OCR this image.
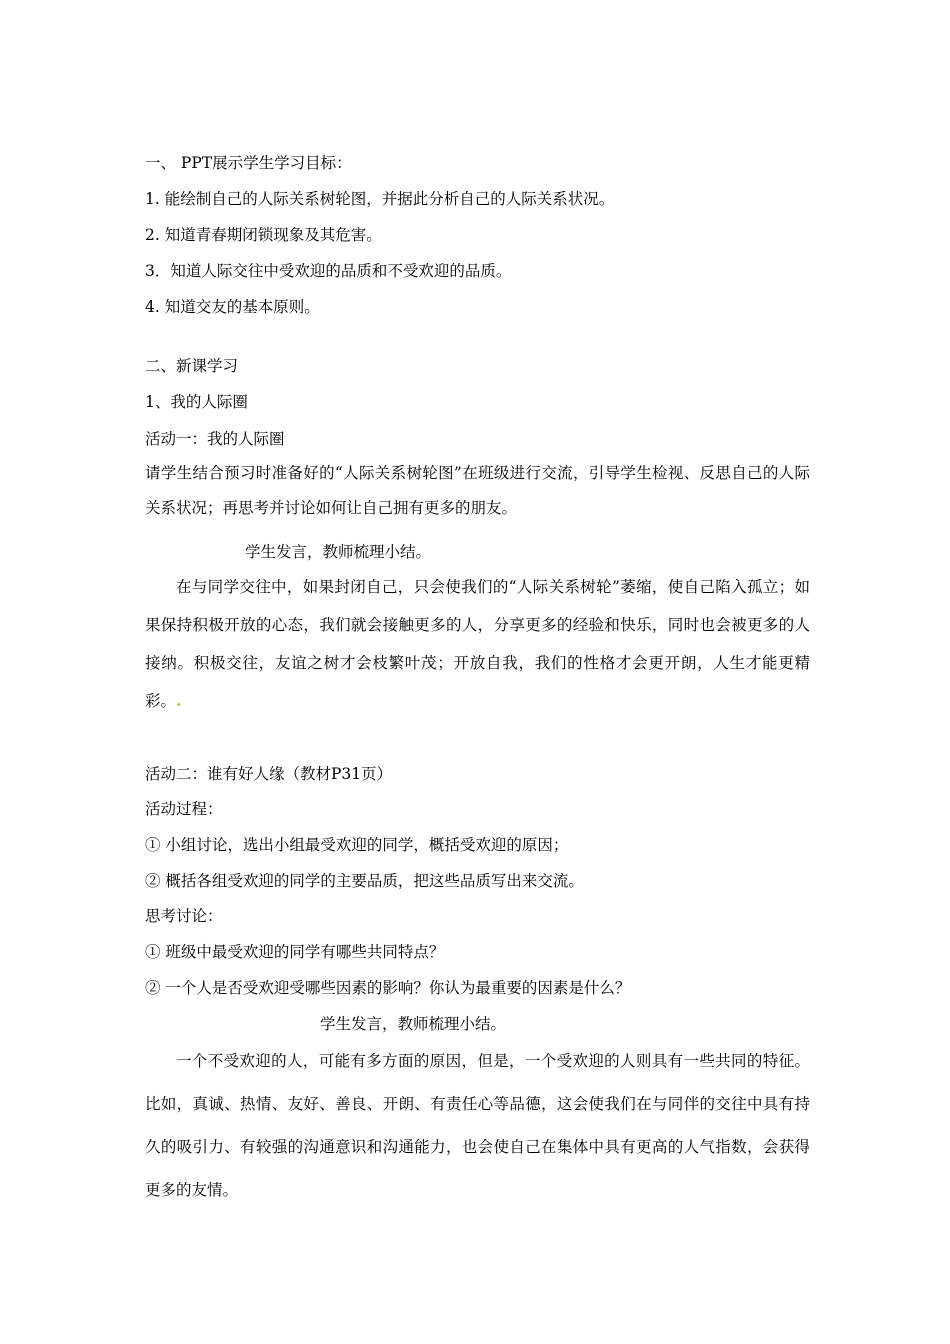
一、 PPT展示学生学习目标：
1. 能绘制自己的人际关系树轮图，并据此分析自己的人际关系状况。
2. 知道青春期闭锁现象及其危害。
3．知道人际交往中受欢迎的品质和不受欢迎的品质。
4. 知道交友的基本原则。
二、新课学习
1、我的人际圈
活动一：我的人际圈
请学生结合预习时准备好的“人际关系树轮图”在班级进行交流，引导学生检视、反思自己的人际关系状况；再思考并讨论如何让自己拥有更多的朋友。
学生发言，教师梳理小结。
在与同学交往中，如果封闭自己，只会使我们的“人际关系树轮”萎缩，使自己陷入孤立；如果保持积极开放的心态，我们就会接触更多的人，分享更多的经验和快乐，同时也会被更多的人接纳。积极交往，友谊之树才会枝繁叶茂；开放自我，我们的性格才会更开朗，人生才能更精彩。.
活动二：谁有好人缘（教材P31页）
活动过程：
① 小组讨论，选出小组最受欢迎的同学，概括受欢迎的原因；
② 概括各组受欢迎的同学的主要品质，把这些品质写出来交流。
思考讨论：
① 班级中最受欢迎的同学有哪些共同特点？
② 一个人是否受欢迎受哪些因素的影响？你认为最重要的因素是什么？
学生发言，教师梳理小结。
一个不受欢迎的人，可能有多方面的原因，但是，一个受欢迎的人则具有一些共同的特征。比如，真诚、热情、友好、善良、开朗、有责任心等品德，这会使我们在与同伴的交往中具有持久的吸引力、有较强的沟通意识和沟通能力，也会使自己在集体中具有更高的人气指数，会获得更多的友情。
